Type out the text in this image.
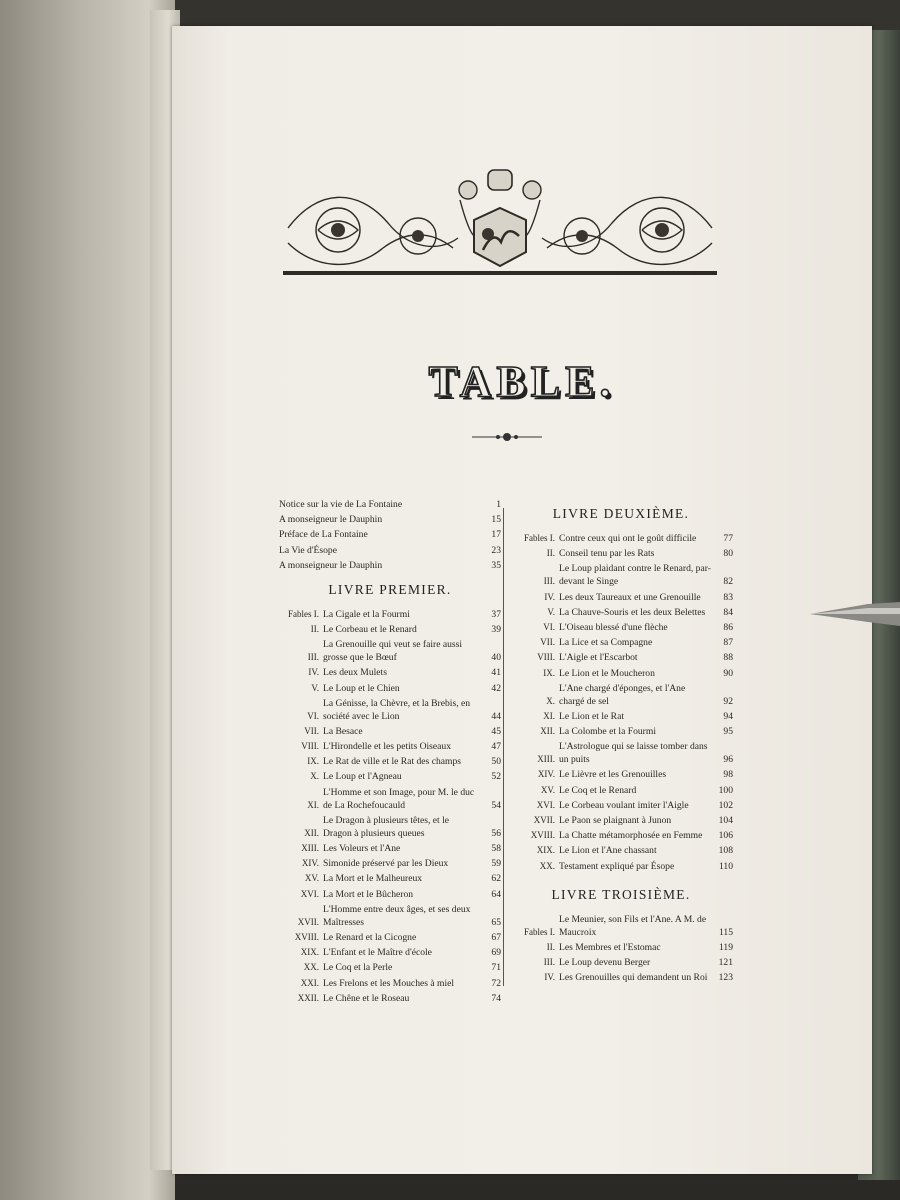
TABLE.
Notice sur la vie de La Fontaine	1
A monseigneur le Dauphin	15
Préface de La Fontaine	17
La Vie d'Ésope	23
A monseigneur le Dauphin	35
LIVRE PREMIER.
Fables I. La Cigale et la Fourmi	37
II. Le Corbeau et le Renard	39
III.
La Grenouille qui veut se faire aussi grosse que le Bœuf	40
IV. Les deux Mulets	41
V. Le Loup et le Chien	42
VI.
La Génisse, la Chèvre, et la Brebis, en société avec le Lion	44
VII. La Besace	45
VIII. L'Hirondelle et les petits Oiseaux	47
IX. Le Rat de ville et le Rat des champs	50
X. Le Loup et l'Agneau	52
XI.
L'Homme et son Image, pour M. le duc de La Rochefoucauld	54
XII.
Le Dragon à plusieurs têtes, et le Dragon à plusieurs queues	56
XIII. Les Voleurs et l'Ane	58
XIV. Simonide préservé par les Dieux	59
XV. La Mort et le Malheureux	62
XVI. La Mort et le Bûcheron	64
XVII.
L'Homme entre deux âges, et ses deux Maîtresses	65
XVIII. Le Renard et la Cicogne	67
XIX. L'Enfant et le Maître d'école	69
XX. Le Coq et la Perle	71
XXI. Les Frelons et les Mouches à miel	72
XXII. Le Chêne et le Roseau	74
LIVRE DEUXIÈME.
Fables I. Contre ceux qui ont le goût difficile	77
II. Conseil tenu par les Rats	80
III.
Le Loup plaidant contre le Renard, par-devant le Singe	82
IV. Les deux Taureaux et une Grenouille	83
V. La Chauve-Souris et les deux Belettes	84
VI. L'Oiseau blessé d'une flèche	86
VII. La Lice et sa Compagne	87
VIII. L'Aigle et l'Escarbot	88
IX. Le Lion et le Moucheron	90
X.
L'Ane chargé d'éponges, et l'Ane chargé de sel	92
XI. Le Lion et le Rat	94
XII. La Colombe et la Fourmi	95
XIII.
L'Astrologue qui se laisse tomber dans un puits	96
XIV. Le Lièvre et les Grenouilles	98
XV. Le Coq et le Renard	100
XVI. Le Corbeau voulant imiter l'Aigle	102
XVII. Le Paon se plaignant à Junon	104
XVIII. La Chatte métamorphosée en Femme	106
XIX. Le Lion et l'Ane chassant	108
XX. Testament expliqué par Ésope	110
LIVRE TROISIÈME.
Fables I.
Le Meunier, son Fils et l'Ane. A M. de Maucroix	115
II. Les Membres et l'Estomac	119
III. Le Loup devenu Berger	121
IV. Les Grenouilles qui demandent un Roi	123
